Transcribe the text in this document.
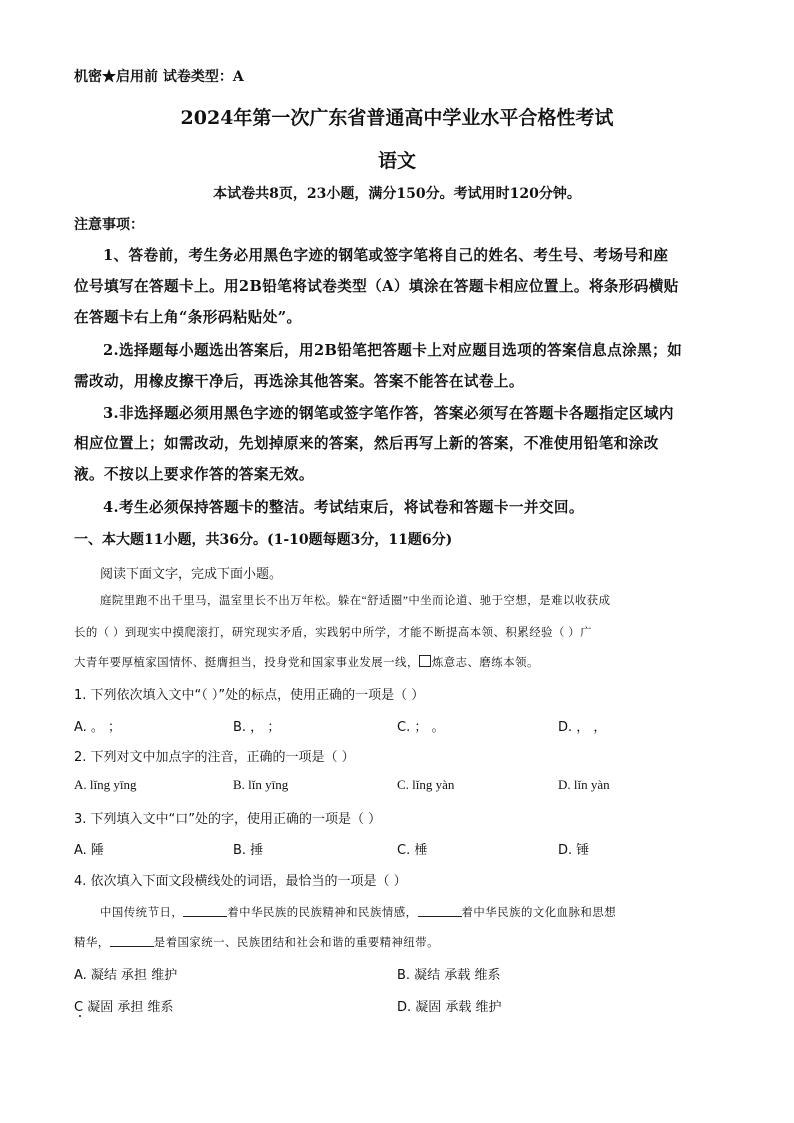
机密★启用前 试卷类型：A
2024年第一次广东省普通高中学业水平合格性考试
语文
本试卷共8页，23小题，满分150分。考试用时120分钟。
注意事项：
1、答卷前，考生务必用黑色字迹的钢笔或签字笔将自己的姓名、考生号、考场号和座
位号填写在答题卡上。用2B铅笔将试卷类型（A）填涂在答题卡相应位置上。将条形码横贴
在答题卡右上角“条形码粘贴处”。
2.选择题每小题选出答案后，用2B铅笔把答题卡上对应题目选项的答案信息点涂黑；如
需改动，用橡皮擦干净后，再选涂其他答案。答案不能答在试卷上。
3.非选择题必须用黑色字迹的钢笔或签字笔作答，答案必须写在答题卡各题指定区域内
相应位置上；如需改动，先划掉原来的答案，然后再写上新的答案，不准使用铅笔和涂改
液。不按以上要求作答的答案无效。
4.考生必须保持答题卡的整洁。考试结束后，将试卷和答题卡一并交回。
一、本大题11小题，共36分。(1-10题每题3分，11题6分)
阅读下面文字，完成下面小题。
庭院里跑不出千里马，温室里长不出万年松。躲在“舒适圈”中坐而论道、驰于空想，是难以收获成
长的（ ）到现实中摸爬滚打，研究现实矛盾，实践躬中所学，才能不断提高本领、积累经验（ ）广
大青年要厚植家国情怀、挺膺担当，投身党和国家事业发展一线， 炼意志、磨练本领。
1. 下列依次填入文中“（ ）”处的标点，使用正确的一项是（ ）
A. 。 ；	B. ， ；	C. ； 。	D. ， ，
2. 下列对文中加点字的注音，正确的一项是（ ）
A. lǐng yīng	B. lǐn yīng	C. lǐng yàn	D. lǐn yàn
3. 下列填入文中“口”处的字，使用正确的一项是（ ）
A. 陲	B. 捶	C. 棰	D. 锤
4. 依次填入下面文段横线处的词语，最恰当的一项是（ ）
中国传统节日，	着中华民族的民族精神和民族情感，	着中华民族的文化血脉和思想
精华，	是着国家统一、民族团结和社会和谐的重要精神纽带。
A. 凝结 承担 维护	B. 凝结 承载 维系
C 凝固 承担 维系	D. 凝固 承载 维护
